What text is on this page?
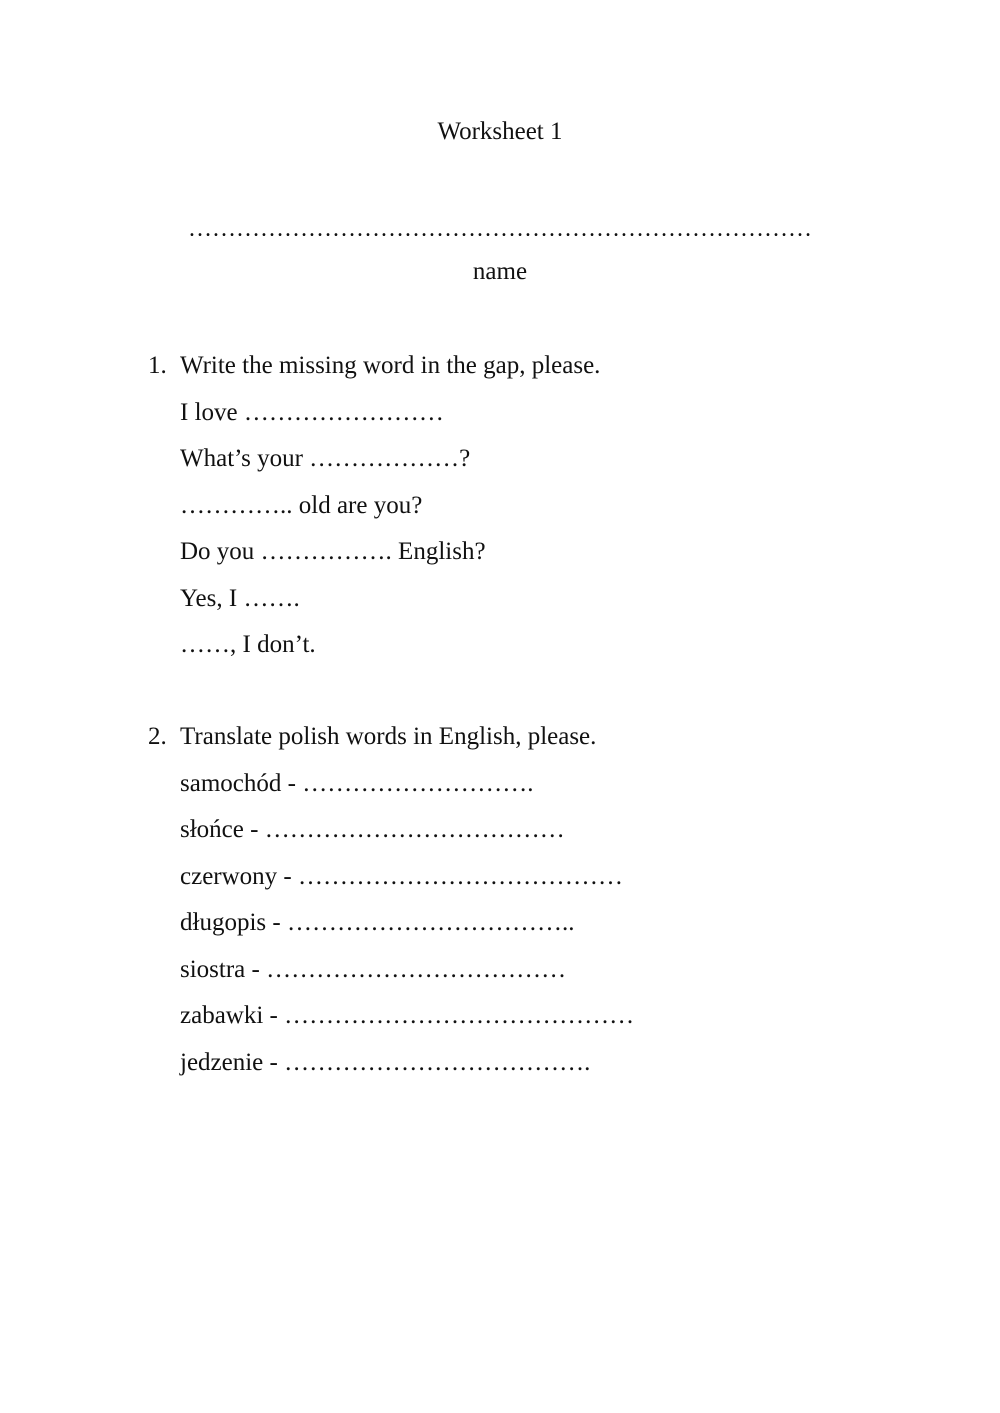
Worksheet 1
……………………………………………………………………
name
1. Write the missing word in the gap, please.
I love ……………………
What’s your ………………?
………….. old are you?
Do you ……………. English?
Yes, I …….
……, I don’t.
2. Translate polish words in English, please.
samochód - ……………………….
słońce - ………………………………
czerwony - …………………………………
długopis - ……………………………..
siostra - ………………………………
zabawki - ……………………………………
jedzenie - ……………………………….
